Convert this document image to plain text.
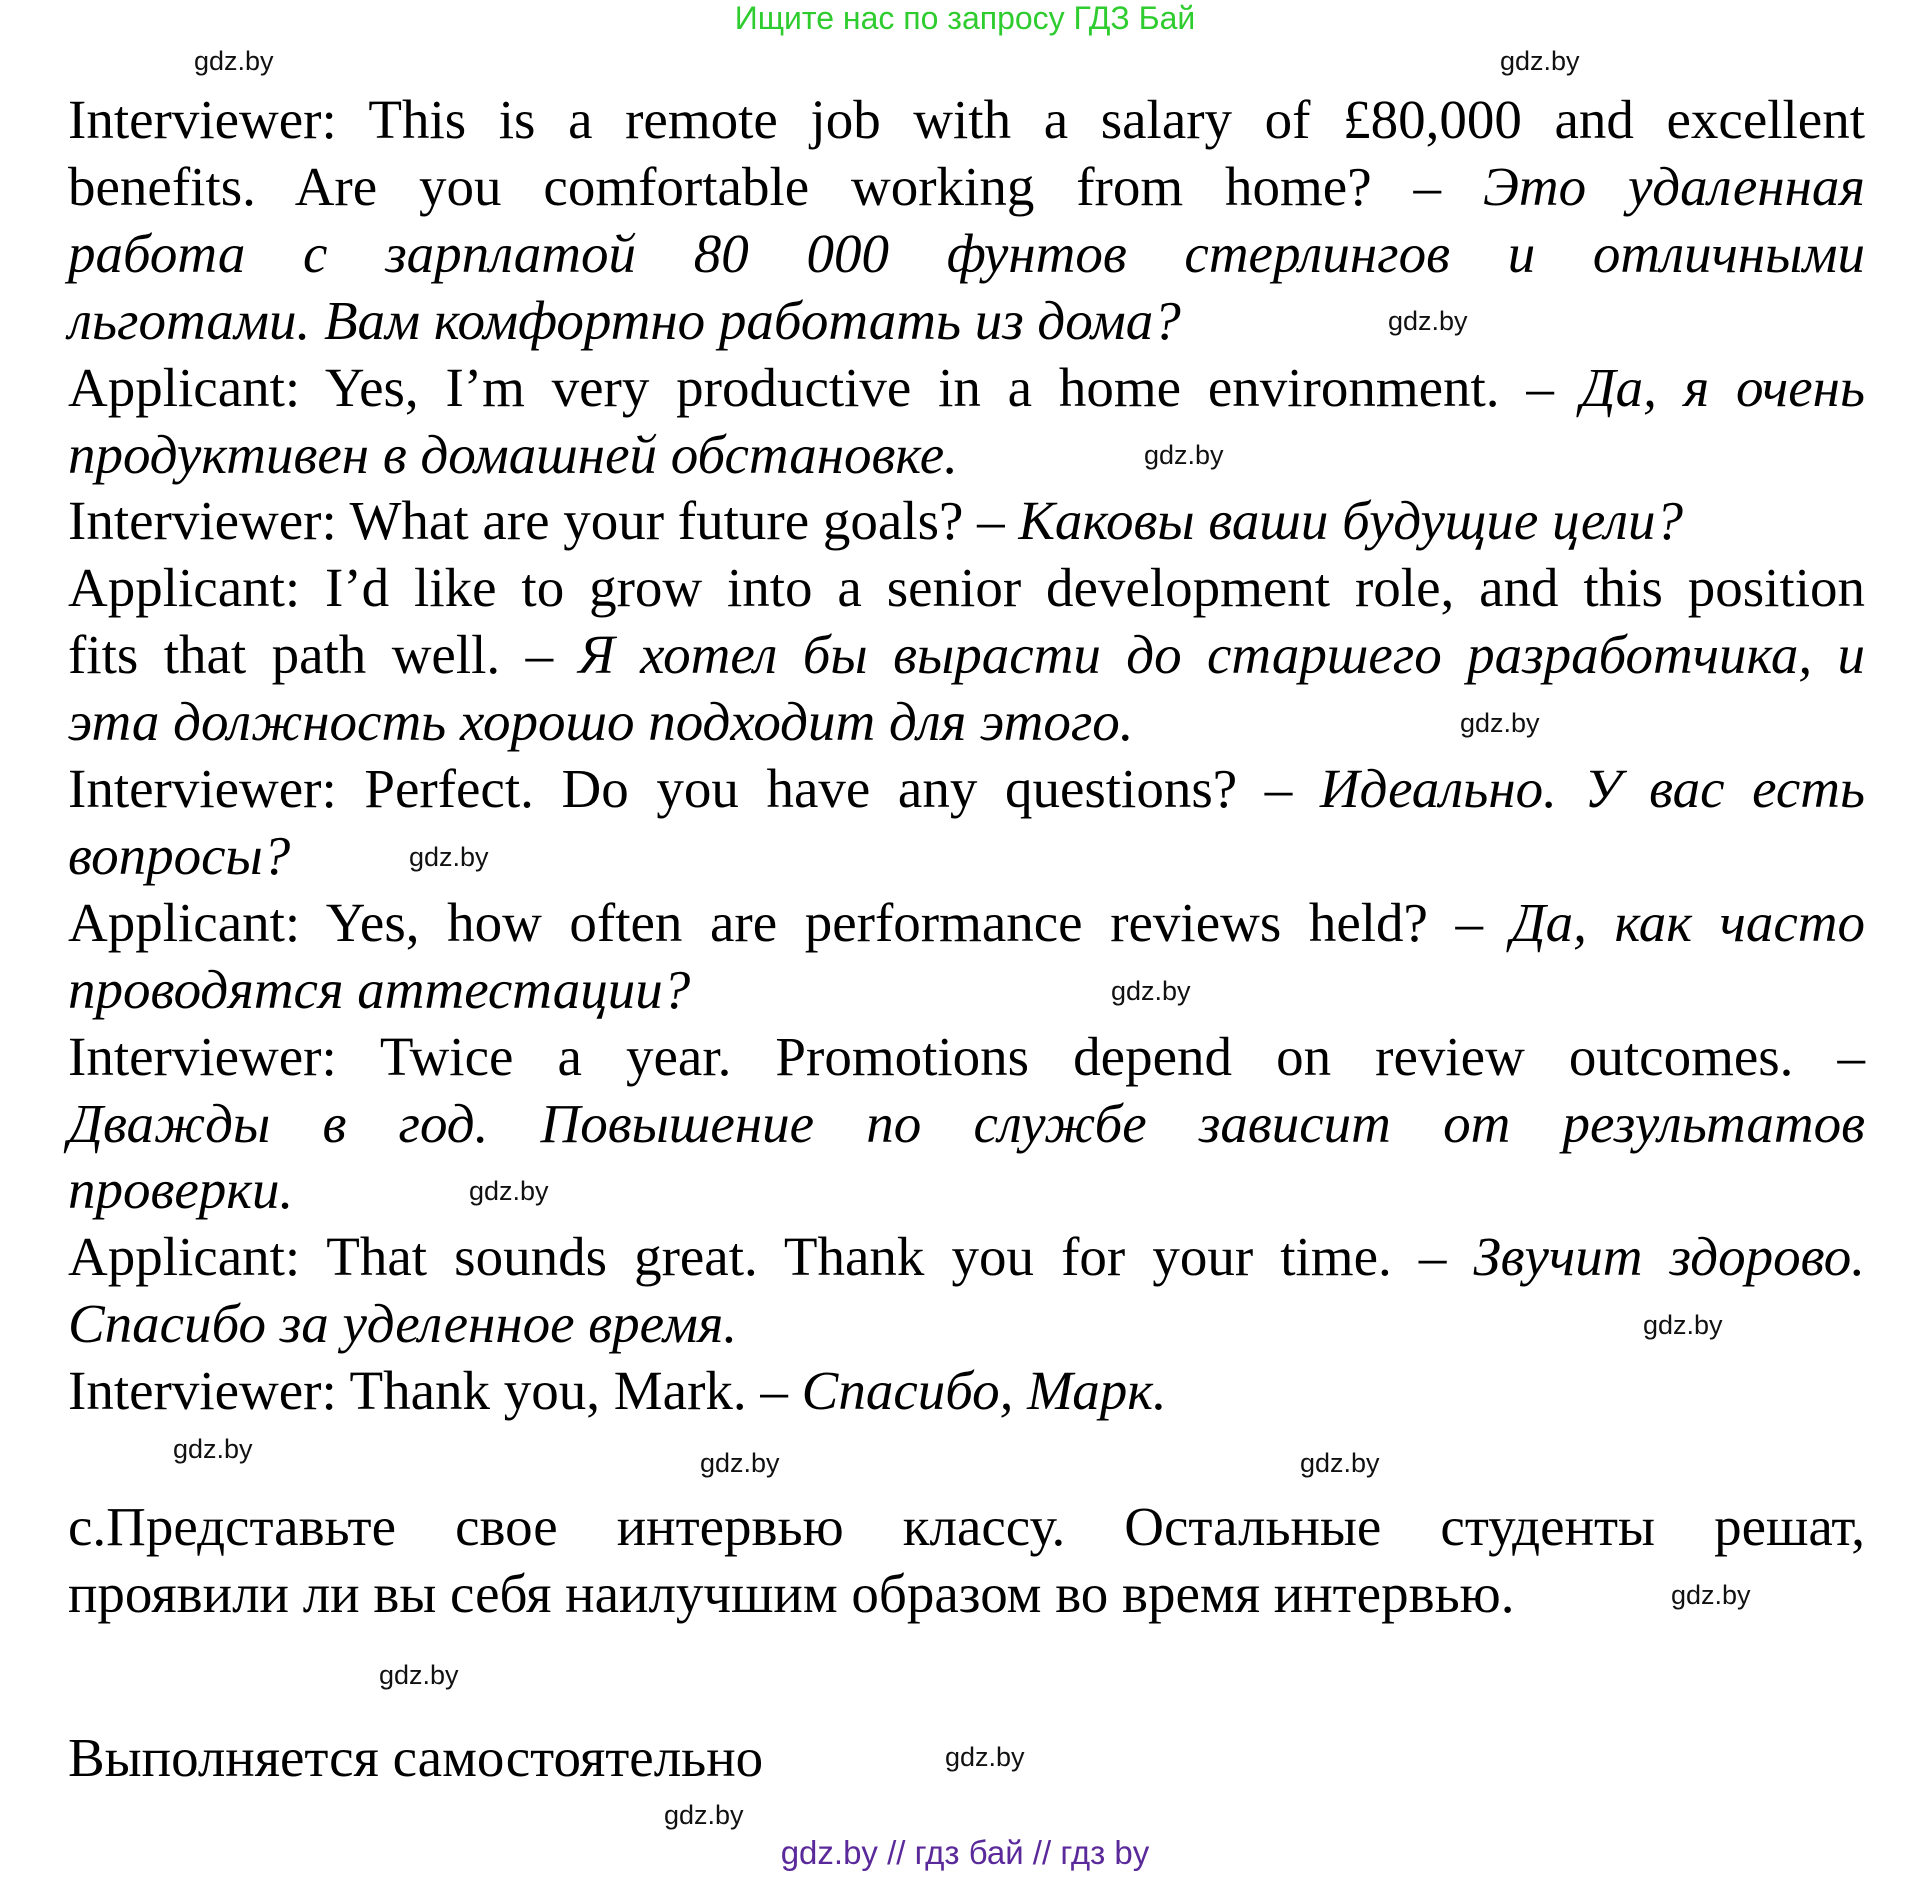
Ищите нас по запросу ГДЗ Бай
Interviewer: This is a remote job with a salary of £80,000 and excellent
benefits. Are you comfortable working from home? – Это удаленная
работа с зарплатой 80 000 фунтов стерлингов и отличными
льготами. Вам комфортно работать из дома?
Applicant: Yes, I’m very productive in a home environment. – Да, я очень
продуктивен в домашней обстановке.
Interviewer: What are your future goals? – Каковы ваши будущие цели?
Applicant: I’d like to grow into a senior development role, and this position
fits that path well. – Я хотел бы вырасти до старшего разработчика, и
эта должность хорошо подходит для этого.
Interviewer: Perfect. Do you have any questions? – Идеально. У вас есть
вопросы?
Applicant: Yes, how often are performance reviews held? – Да, как часто
проводятся аттестации?
Interviewer: Twice a year. Promotions depend on review outcomes. –
Дважды в год. Повышение по службе зависит от результатов
проверки.
Applicant: That sounds great. Thank you for your time. – Звучит здорово.
Спасибо за уделенное время.
Interviewer: Thank you, Mark. – Спасибо, Марк.
c.Представьте свое интервью классу. Остальные студенты решат,
проявили ли вы себя наилучшим образом во время интервью.
Выполняется самостоятельно
gdz.by // гдз бай // гдз by
gdz.by	gdz.by
gdz.by
gdz.by
gdz.by
gdz.by
gdz.by
gdz.by
gdz.by
gdz.by	gdz.by	gdz.by
gdz.by
gdz.by
gdz.by
gdz.by
